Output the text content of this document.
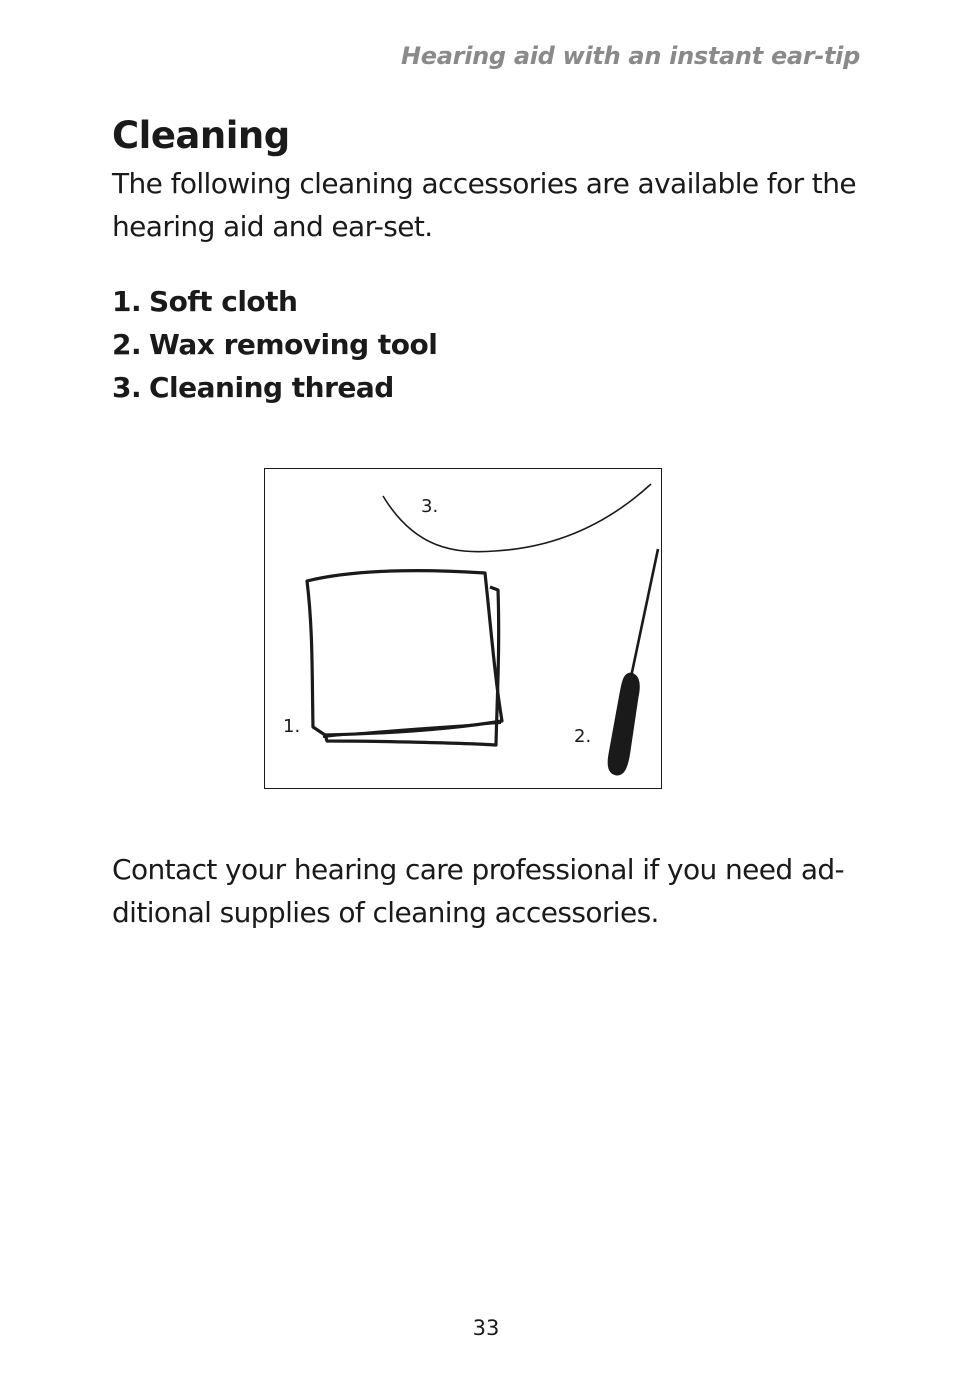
Hearing aid with an instant ear-tip
Cleaning

The following cleaning accessories are available for the hearing aid and ear-set.

1. Soft cloth
2. Wax removing tool
3. Cleaning thread
3.
1.	2.

Contact your hearing care professional if you need ad-ditional supplies of cleaning accessories.

33
